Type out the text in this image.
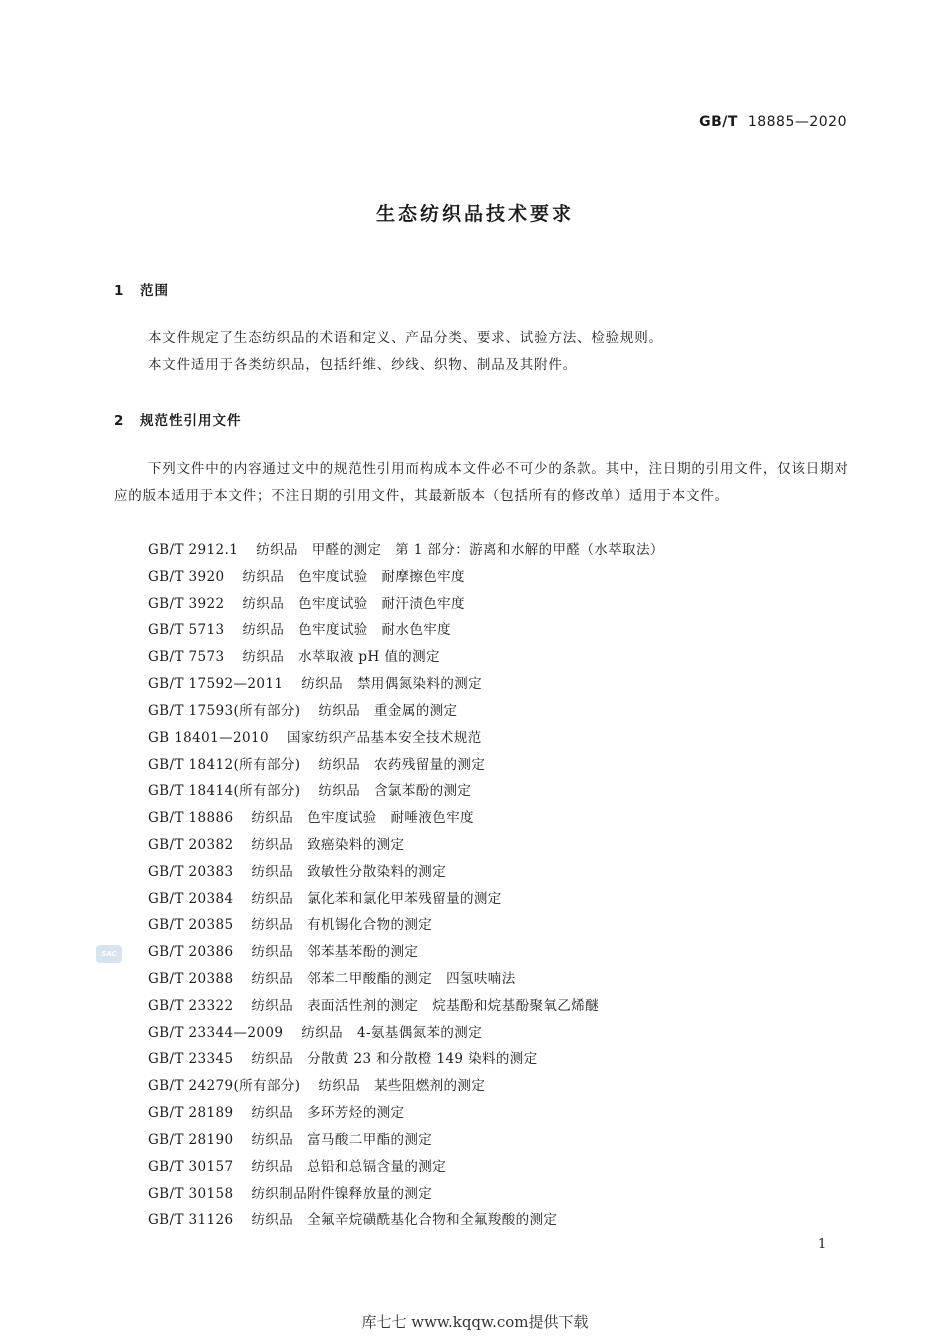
GB/T 18885—2020
生态纺织品技术要求
1 范围
本文件规定了生态纺织品的术语和定义、产品分类、要求、试验方法、检验规则。
本文件适用于各类纺织品，包括纤维、纱线、织物、制品及其附件。
2 规范性引用文件
下列文件中的内容通过文中的规范性引用而构成本文件必不可少的条款。其中，注日期的引用文件，仅该日期对应的版本适用于本文件；不注日期的引用文件，其最新版本（包括所有的修改单）适用于本文件。
GB/T 2912.1 纺织品　甲醛的测定　第 1 部分：游离和水解的甲醛（水萃取法）
GB/T 3920 纺织品　色牢度试验　耐摩擦色牢度
GB/T 3922 纺织品　色牢度试验　耐汗渍色牢度
GB/T 5713 纺织品　色牢度试验　耐水色牢度
GB/T 7573 纺织品　水萃取液 pH 值的测定
GB/T 17592—2011 纺织品　禁用偶氮染料的测定
GB/T 17593(所有部分) 纺织品　重金属的测定
GB 18401—2010 国家纺织产品基本安全技术规范
GB/T 18412(所有部分) 纺织品　农药残留量的测定
GB/T 18414(所有部分) 纺织品　含氯苯酚的测定
GB/T 18886 纺织品　色牢度试验　耐唾液色牢度
GB/T 20382 纺织品　致癌染料的测定
GB/T 20383 纺织品　致敏性分散染料的测定
GB/T 20384 纺织品　氯化苯和氯化甲苯残留量的测定
GB/T 20385 纺织品　有机锡化合物的测定
GB/T 20386 纺织品　邻苯基苯酚的测定
GB/T 20388 纺织品　邻苯二甲酸酯的测定　四氢呋喃法
GB/T 23322 纺织品　表面活性剂的测定　烷基酚和烷基酚聚氧乙烯醚
GB/T 23344—2009 纺织品　4-氨基偶氮苯的测定
GB/T 23345 纺织品　分散黄 23 和分散橙 149 染料的测定
GB/T 24279(所有部分) 纺织品　某些阻燃剂的测定
GB/T 28189 纺织品　多环芳烃的测定
GB/T 28190 纺织品　富马酸二甲酯的测定
GB/T 30157 纺织品　总铅和总镉含量的测定
GB/T 30158 纺织制品附件镍释放量的测定
GB/T 31126 纺织品　全氟辛烷磺酰基化合物和全氟羧酸的测定
SAC
1
库七七 www.kqqw.com提供下载
